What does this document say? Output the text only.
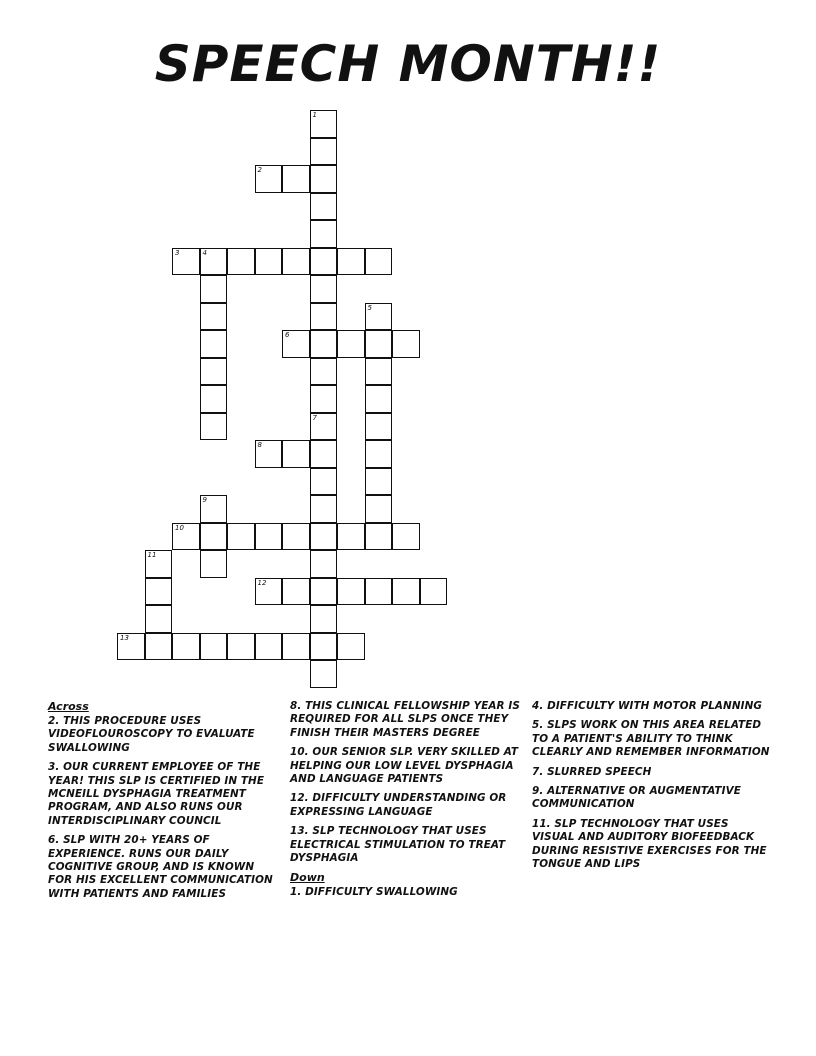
SPEECH MONTH!!
1
7
2
3	4
5
6
8
9
10
11
12
13
Across
2. THIS PROCEDURE USES VIDEOFLOUROSCOPY TO EVALUATE SWALLOWING
3. OUR CURRENT EMPLOYEE OF THE YEAR! THIS SLP IS CERTIFIED IN THE MCNEILL DYSPHAGIA TREATMENT PROGRAM, AND ALSO RUNS OUR INTERDISCIPLINARY COUNCIL
6. SLP WITH 20+ YEARS OF EXPERIENCE. RUNS OUR DAILY COGNITIVE GROUP, AND IS KNOWN FOR HIS EXCELLENT COMMUNICATION WITH PATIENTS AND FAMILIES
8. THIS CLINICAL FELLOWSHIP YEAR IS REQUIRED FOR ALL SLPS ONCE THEY FINISH THEIR MASTERS DEGREE
10. OUR SENIOR SLP. VERY SKILLED AT HELPING OUR LOW LEVEL DYSPHAGIA AND LANGUAGE PATIENTS
12. DIFFICULTY UNDERSTANDING OR EXPRESSING LANGUAGE
13. SLP TECHNOLOGY THAT USES ELECTRICAL STIMULATION TO TREAT DYSPHAGIA
Down
1. DIFFICULTY SWALLOWING
4. DIFFICULTY WITH MOTOR PLANNING
5. SLPS WORK ON THIS AREA RELATED TO A PATIENT'S ABILITY TO THINK CLEARLY AND REMEMBER INFORMATION
7. SLURRED SPEECH
9. ALTERNATIVE OR AUGMENTATIVE COMMUNICATION
11. SLP TECHNOLOGY THAT USES VISUAL AND AUDITORY BIOFEEDBACK DURING RESISTIVE EXERCISES FOR THE TONGUE AND LIPS
